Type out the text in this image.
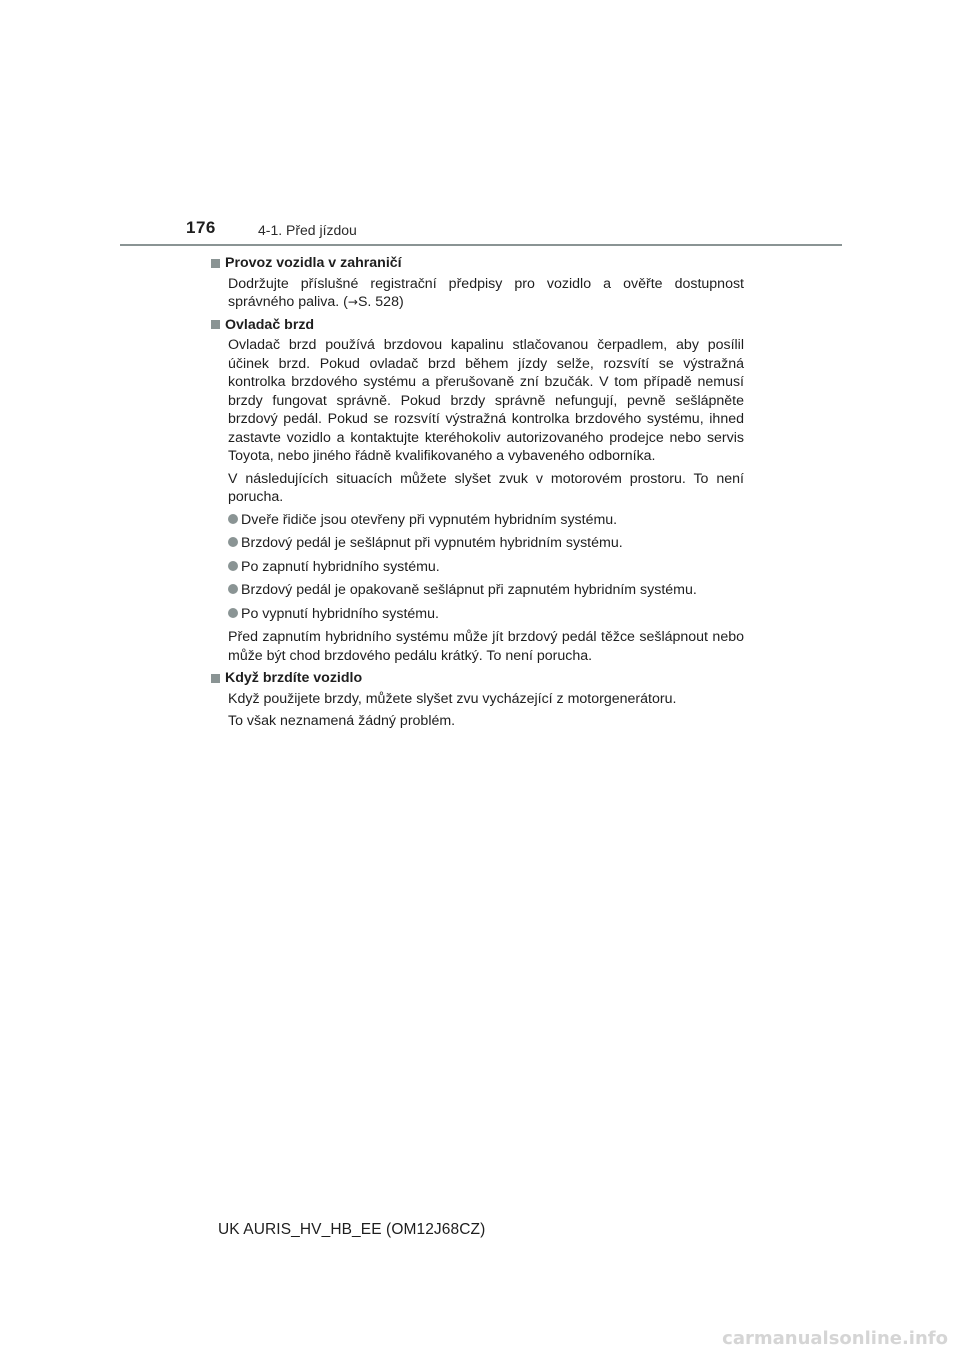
176	4-1. Před jízdou
Provoz vozidla v zahraničí

Dodržujte příslušné registrační předpisy pro vozidlo a ověřte dostupnost správného paliva. (→S. 528)

Ovladač brzd

Ovladač brzd používá brzdovou kapalinu stlačovanou čerpadlem, aby posílil účinek brzd. Pokud ovladač brzd během jízdy selže, rozsvítí se výstražná kontrolka brzdového systému a přerušovaně zní bzučák. V tom případě nemusí brzdy fungovat správně. Pokud brzdy správně nefungují, pevně sešlápněte brzdový pedál. Pokud se rozsvítí výstražná kontrolka brzdového systému, ihned zastavte vozidlo a kontaktujte kteréhokoliv autorizovaného prodejce nebo servis Toyota, nebo jiného řádně kvalifikovaného a vybaveného odborníka.

V následujících situacích můžete slyšet zvuk v motorovém prostoru. To není porucha.

Dveře řidiče jsou otevřeny při vypnutém hybridním systému.
Brzdový pedál je sešlápnut při vypnutém hybridním systému.
Po zapnutí hybridního systému.
Brzdový pedál je opakovaně sešlápnut při zapnutém hybridním systému.
Po vypnutí hybridního systému.

Před zapnutím hybridního systému může jít brzdový pedál těžce sešlápnout nebo může být chod brzdového pedálu krátký. To není porucha.

Když brzdíte vozidlo

Když použijete brzdy, můžete slyšet zvu vycházející z motorgenerátoru.

To však neznamená žádný problém.

UK AURIS_HV_HB_EE (OM12J68CZ)
carmanualsonline.info
